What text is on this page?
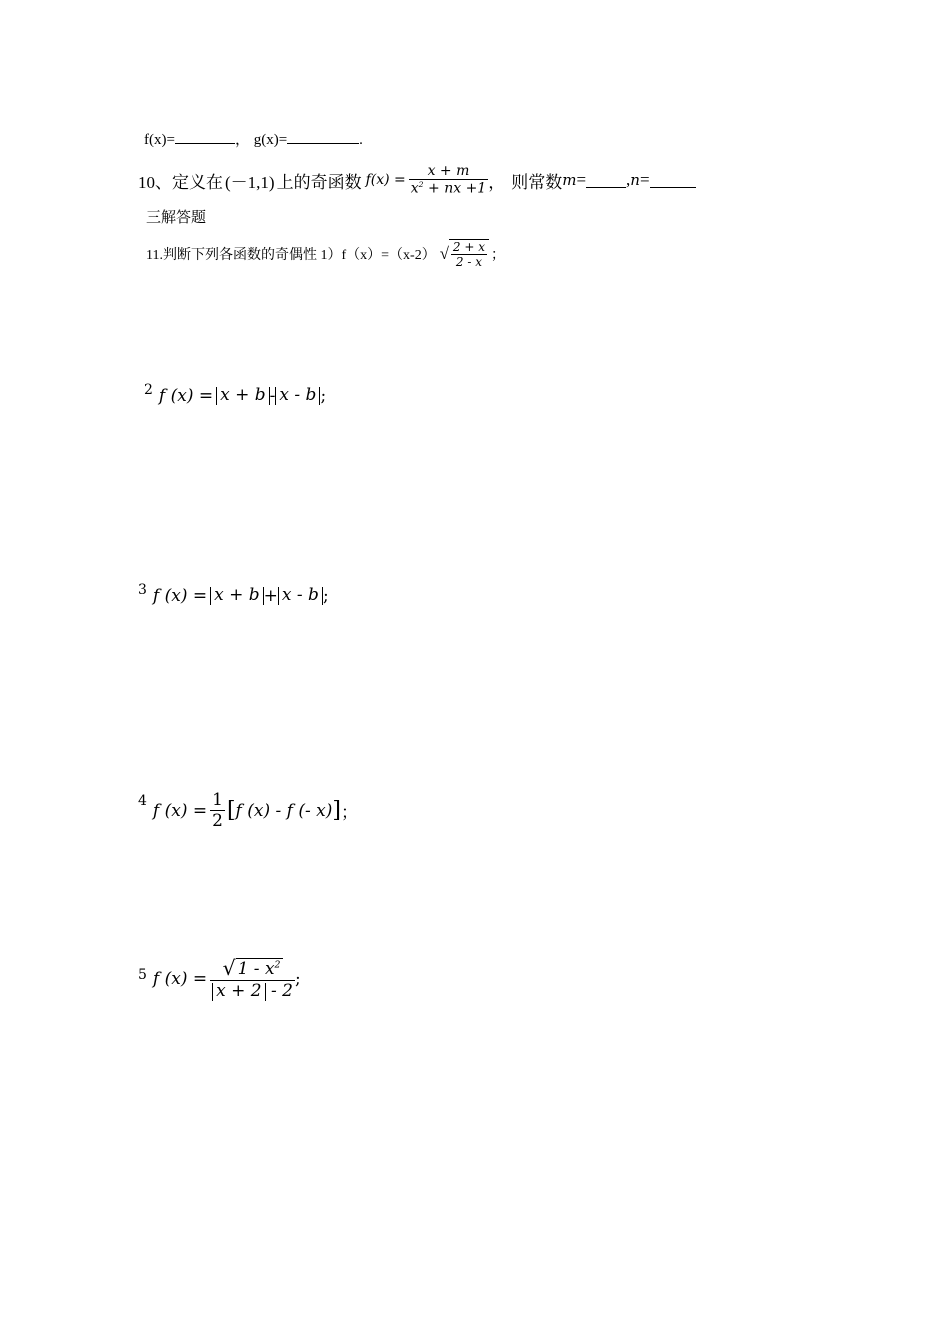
f(x)=	， g(x)=	.
10、定义在 (－1,1) 上的奇函数 $f(x) = \frac{x + m}{x^2 + nx +1}$ ， 则常数 m = , n =
三解答题
11.判断下列各函数的奇偶性 1）f（x）=（x-2） √ $\frac{2 + x}{2 - x}$ ；
2 f (x) = x + b - x - b ;
3 f (x) = x + b + x - b ;
4 f $(x) = \frac{1}{2}$ [ f (x) - f (- x) ] ；
5 f $(x) = \frac{√ 1 - x^2}{x + 2 - 2}$ ;
